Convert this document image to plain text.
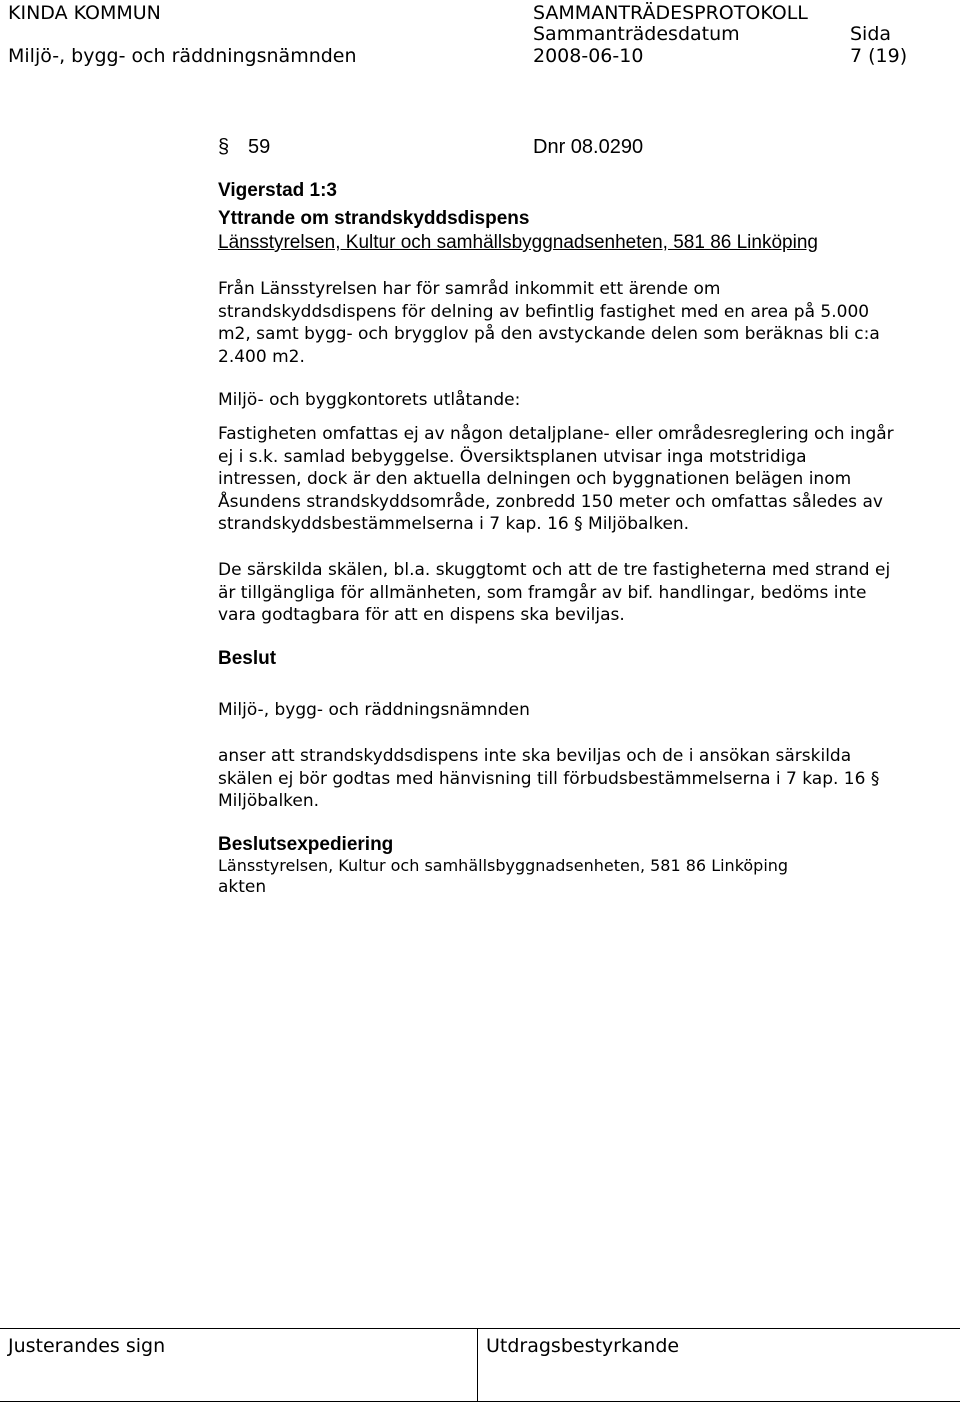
KINDA KOMMUN
Miljö-, bygg- och räddningsnämnden
SAMMANTRÄDESPROTOKOLL
Sammanträdesdatum
2008-06-10
Sida
7 (19)
§ 59	Dnr 08.0290
Vigerstad 1:3
Yttrande om strandskyddsdispens
Länsstyrelsen, Kultur och samhällsbyggnadsenheten, 581 86 Linköping
Från Länsstyrelsen har för samråd inkommit ett ärende om
strandskyddsdispens för delning av befintlig fastighet med en area på 5.000
m2, samt bygg- och brygglov på den avstyckande delen som beräknas bli c:a
2.400 m2.
Miljö- och byggkontorets utlåtande:
Fastigheten omfattas ej av någon detaljplane- eller områdesreglering och ingår
ej i s.k. samlad bebyggelse. Översiktsplanen utvisar inga motstridiga
intressen, dock är den aktuella delningen och byggnationen belägen inom
Åsundens strandskyddsområde, zonbredd 150 meter och omfattas således av
strandskyddsbestämmelserna i 7 kap. 16 § Miljöbalken.
De särskilda skälen, bl.a. skuggtomt och att de tre fastigheterna med strand ej
är tillgängliga för allmänheten, som framgår av bif. handlingar, bedöms inte
vara godtagbara för att en dispens ska beviljas.
Beslut
Miljö-, bygg- och räddningsnämnden
anser att strandskyddsdispens inte ska beviljas och de i ansökan särskilda
skälen ej bör godtas med hänvisning till förbudsbestämmelserna i 7 kap. 16 §
Miljöbalken.
Beslutsexpediering
Länsstyrelsen, Kultur och samhällsbyggnadsenheten, 581 86 Linköping
akten
Justerandes sign	Utdragsbestyrkande
